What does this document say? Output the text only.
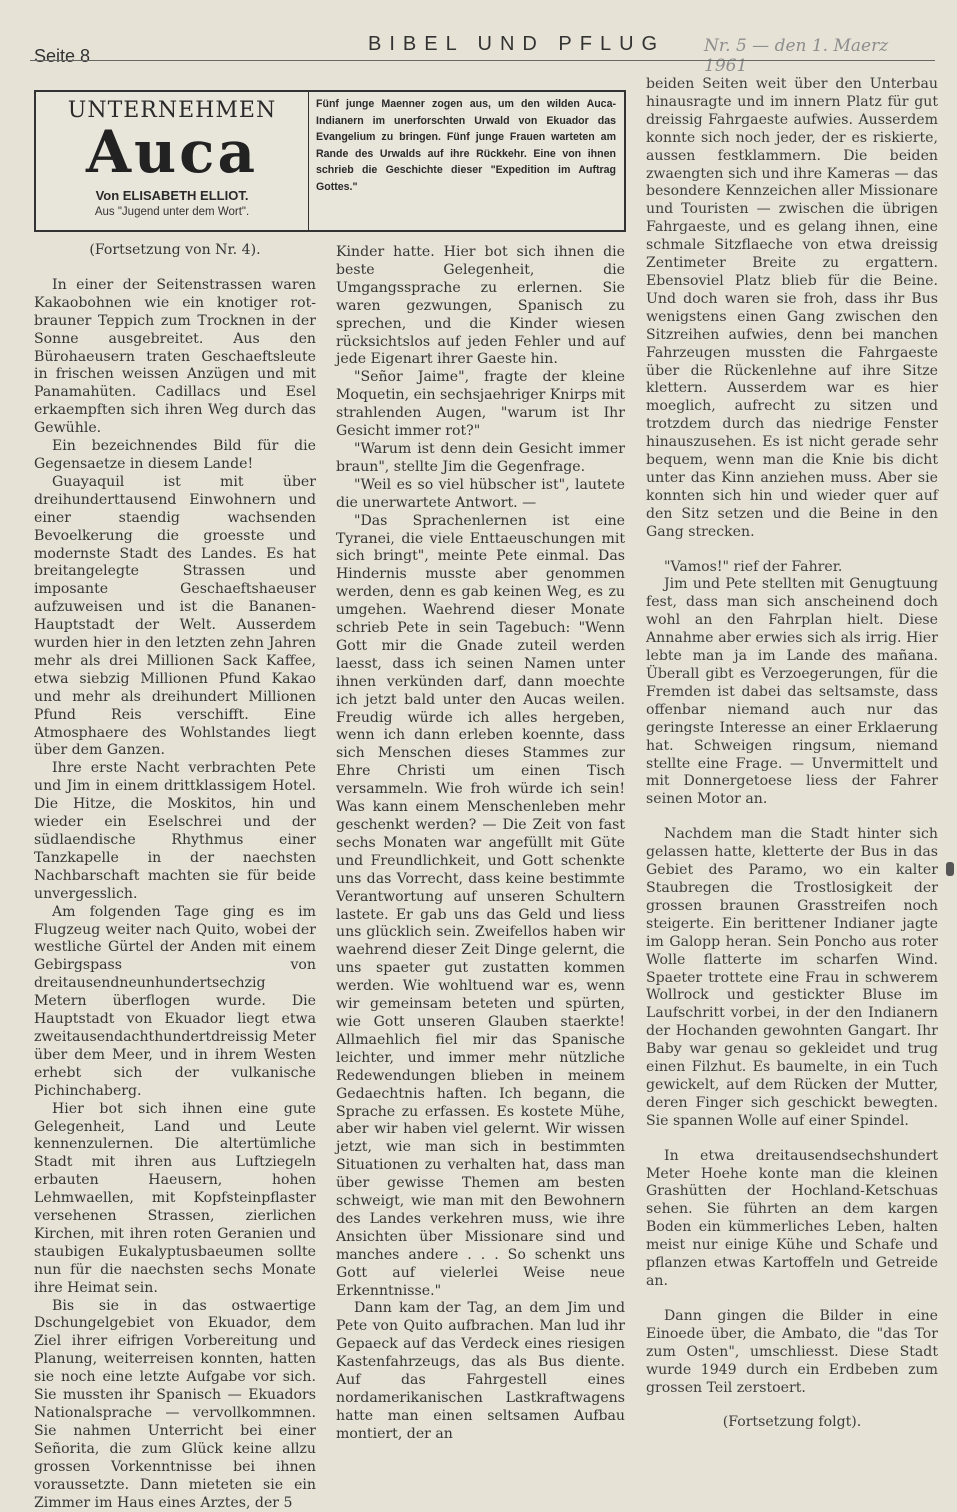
Seite 8
BIBEL UND PFLUG Nr. 5 — den 1. Maerz 1961
UNTERNEHMEN
Auca
Von ELISABETH ELLIOT.
Aus "Jugend unter dem Wort".

Fünf junge Maenner zogen aus, um den wilden Auca-Indianern im unerforschten Urwald von Ekuador das Evangelium zu bringen. Fünf junge Frauen warteten am Rande des Urwalds auf ihre Rückkehr. Eine von ihnen schrieb die Geschichte dieser "Expedition im Auftrag Gottes."

(Fortsetzung von Nr. 4).

In einer der Seitenstrassen waren Kakaobohnen wie ein knotiger rot-brauner Teppich zum Trocknen in der Sonne ausgebreitet. Aus den Bürohaeusern traten Geschaeftsleute in frischen weissen Anzügen und mit Panamahüten. Cadillacs und Esel erkaempften sich ihren Weg durch das Gewühle.

Ein bezeichnendes Bild für die Gegensaetze in diesem Lande!

Guayaquil ist mit über dreihunderttausend Einwohnern und einer staendig wachsenden Bevoelkerung die groesste und modernste Stadt des Landes. Es hat breitangelegte Strassen und imposante Geschaeftshaeuser aufzuweisen und ist die Bananen-Hauptstadt der Welt. Ausserdem wurden hier in den letzten zehn Jahren mehr als drei Millionen Sack Kaffee, etwa siebzig Millionen Pfund Kakao und mehr als dreihundert Millionen Pfund Reis verschifft. Eine Atmosphaere des Wohlstandes liegt über dem Ganzen.

Ihre erste Nacht verbrachten Pete und Jim in einem drittklassigem Hotel. Die Hitze, die Moskitos, hin und wieder ein Eselschrei und der südlaendische Rhythmus einer Tanzkapelle in der naechsten Nachbarschaft machten sie für beide unvergesslich.

Am folgenden Tage ging es im Flugzeug weiter nach Quito, wobei der westliche Gürtel der Anden mit einem Gebirgspass von dreitausendneunhundertsechzig Metern überflogen wurde. Die Hauptstadt von Ekuador liegt etwa zweitausendachthundertdreissig Meter über dem Meer, und in ihrem Westen erhebt sich der vulkanische Pichinchaberg.

Hier bot sich ihnen eine gute Gelegenheit, Land und Leute kennenzulernen. Die altertümliche Stadt mit ihren aus Luftziegeln erbauten Haeusern, hohen Lehmwaellen, mit Kopfsteinpflaster versehenen Strassen, zierlichen Kirchen, mit ihren roten Geranien und staubigen Eukalyptusbaeumen sollte nun für die naechsten sechs Monate ihre Heimat sein.

Bis sie in das ostwaertige Dschungelgebiet von Ekuador, dem Ziel ihrer eifrigen Vorbereitung und Planung, weiterreisen konnten, hatten sie noch eine letzte Aufgabe vor sich. Sie mussten ihr Spanisch — Ekuadors Nationalsprache — vervollkommnen. Sie nahmen Unterricht bei einer Señorita, die zum Glück keine allzu grossen Vorkenntnisse bei ihnen voraussetzte. Dann mieteten sie ein Zimmer im Haus eines Arztes, der 5

Kinder hatte. Hier bot sich ihnen die beste Gelegenheit, die Umgangssprache zu erlernen. Sie waren gezwungen, Spanisch zu sprechen, und die Kinder wiesen rücksichtslos auf jeden Fehler und auf jede Eigenart ihrer Gaeste hin.

"Señor Jaime", fragte der kleine Moquetin, ein sechsjaehriger Knirps mit strahlenden Augen, "warum ist Ihr Gesicht immer rot?"

"Warum ist denn dein Gesicht immer braun", stellte Jim die Gegenfrage.

"Weil es so viel hübscher ist", lautete die unerwartete Antwort. —

"Das Sprachenlernen ist eine Tyranei, die viele Enttaeuschungen mit sich bringt", meinte Pete einmal. Das Hindernis musste aber genommen werden, denn es gab keinen Weg, es zu umgehen. Waehrend dieser Monate schrieb Pete in sein Tagebuch: "Wenn Gott mir die Gnade zuteil werden laesst, dass ich seinen Namen unter ihnen verkünden darf, dann moechte ich jetzt bald unter den Aucas weilen. Freudig würde ich alles hergeben, wenn ich dann erleben koennte, dass sich Menschen dieses Stammes zur Ehre Christi um einen Tisch versammeln. Wie froh würde ich sein! Was kann einem Menschenleben mehr geschenkt werden? — Die Zeit von fast sechs Monaten war angefüllt mit Güte und Freundlichkeit, und Gott schenkte uns das Vorrecht, dass keine bestimmte Verantwortung auf unseren Schultern lastete. Er gab uns das Geld und liess uns glücklich sein. Zweifellos haben wir waehrend dieser Zeit Dinge gelernt, die uns spaeter gut zustatten kommen werden. Wie wohltuend war es, wenn wir gemeinsam beteten und spürten, wie Gott unseren Glauben staerkte! Allmaehlich fiel mir das Spanische leichter, und immer mehr nützliche Redewendungen blieben in meinem Gedaechtnis haften. Ich begann, die Sprache zu erfassen. Es kostete Mühe, aber wir haben viel gelernt. Wir wissen jetzt, wie man sich in bestimmten Situationen zu verhalten hat, dass man über gewisse Themen am besten schweigt, wie man mit den Bewohnern des Landes verkehren muss, wie ihre Ansichten über Missionare sind und manches andere . . . So schenkt uns Gott auf vielerlei Weise neue Erkenntnisse."

Dann kam der Tag, an dem Jim und Pete von Quito aufbrachen. Man lud ihr Gepaeck auf das Verdeck eines riesigen Kastenfahrzeugs, das als Bus diente. Auf das Fahrgestell eines nordamerikanischen Lastkraftwagens hatte man einen seltsamen Aufbau montiert, der an

beiden Seiten weit über den Unterbau hinausragte und im innern Platz für gut dreissig Fahrgaeste aufwies. Ausserdem konnte sich noch jeder, der es riskierte, aussen festklammern. Die beiden zwaengten sich und ihre Kameras — das besondere Kennzeichen aller Missionare und Touristen — zwischen die übrigen Fahrgaeste, und es gelang ihnen, eine schmale Sitzflaeche von etwa dreissig Zentimeter Breite zu ergattern. Ebensoviel Platz blieb für die Beine. Und doch waren sie froh, dass ihr Bus wenigstens einen Gang zwischen den Sitzreihen aufwies, denn bei manchen Fahrzeugen mussten die Fahrgaeste über die Rückenlehne auf ihre Sitze klettern. Ausserdem war es hier moeglich, aufrecht zu sitzen und trotzdem durch das niedrige Fenster hinauszusehen. Es ist nicht gerade sehr bequem, wenn man die Knie bis dicht unter das Kinn anziehen muss. Aber sie konnten sich hin und wieder quer auf den Sitz setzen und die Beine in den Gang strecken.

"Vamos!" rief der Fahrer.

Jim und Pete stellten mit Genugtuung fest, dass man sich anscheinend doch wohl an den Fahrplan hielt. Diese Annahme aber erwies sich als irrig. Hier lebte man ja im Lande des mañana. Überall gibt es Verzoegerungen, für die Fremden ist dabei das seltsamste, dass offenbar niemand auch nur das geringste Interesse an einer Erklaerung hat. Schweigen ringsum, niemand stellte eine Frage. — Unvermittelt und mit Donnergetoese liess der Fahrer seinen Motor an.

Nachdem man die Stadt hinter sich gelassen hatte, kletterte der Bus in das Gebiet des Paramo, wo ein kalter Staubregen die Trostlosigkeit der grossen braunen Grasstreifen noch steigerte. Ein berittener Indianer jagte im Galopp heran. Sein Poncho aus roter Wolle flatterte im scharfen Wind. Spaeter trottete eine Frau in schwerem Wollrock und gestickter Bluse im Laufschritt vorbei, in der den Indianern der Hochanden gewohnten Gangart. Ihr Baby war genau so gekleidet und trug einen Filzhut. Es baumelte, in ein Tuch gewickelt, auf dem Rücken der Mutter, deren Finger sich geschickt bewegten. Sie spannen Wolle auf einer Spindel.

In etwa dreitausendsechshundert Meter Hoehe konte man die kleinen Grashütten der Hochland-Ketschuas sehen. Sie führten an dem kargen Boden ein kümmerliches Leben, halten meist nur einige Kühe und Schafe und pflanzen etwas Kartoffeln und Getreide an.

Dann gingen die Bilder in eine Einoede über, die Ambato, die "das Tor zum Osten", umschliesst. Diese Stadt wurde 1949 durch ein Erdbeben zum grossen Teil zerstoert.

(Fortsetzung folgt).
